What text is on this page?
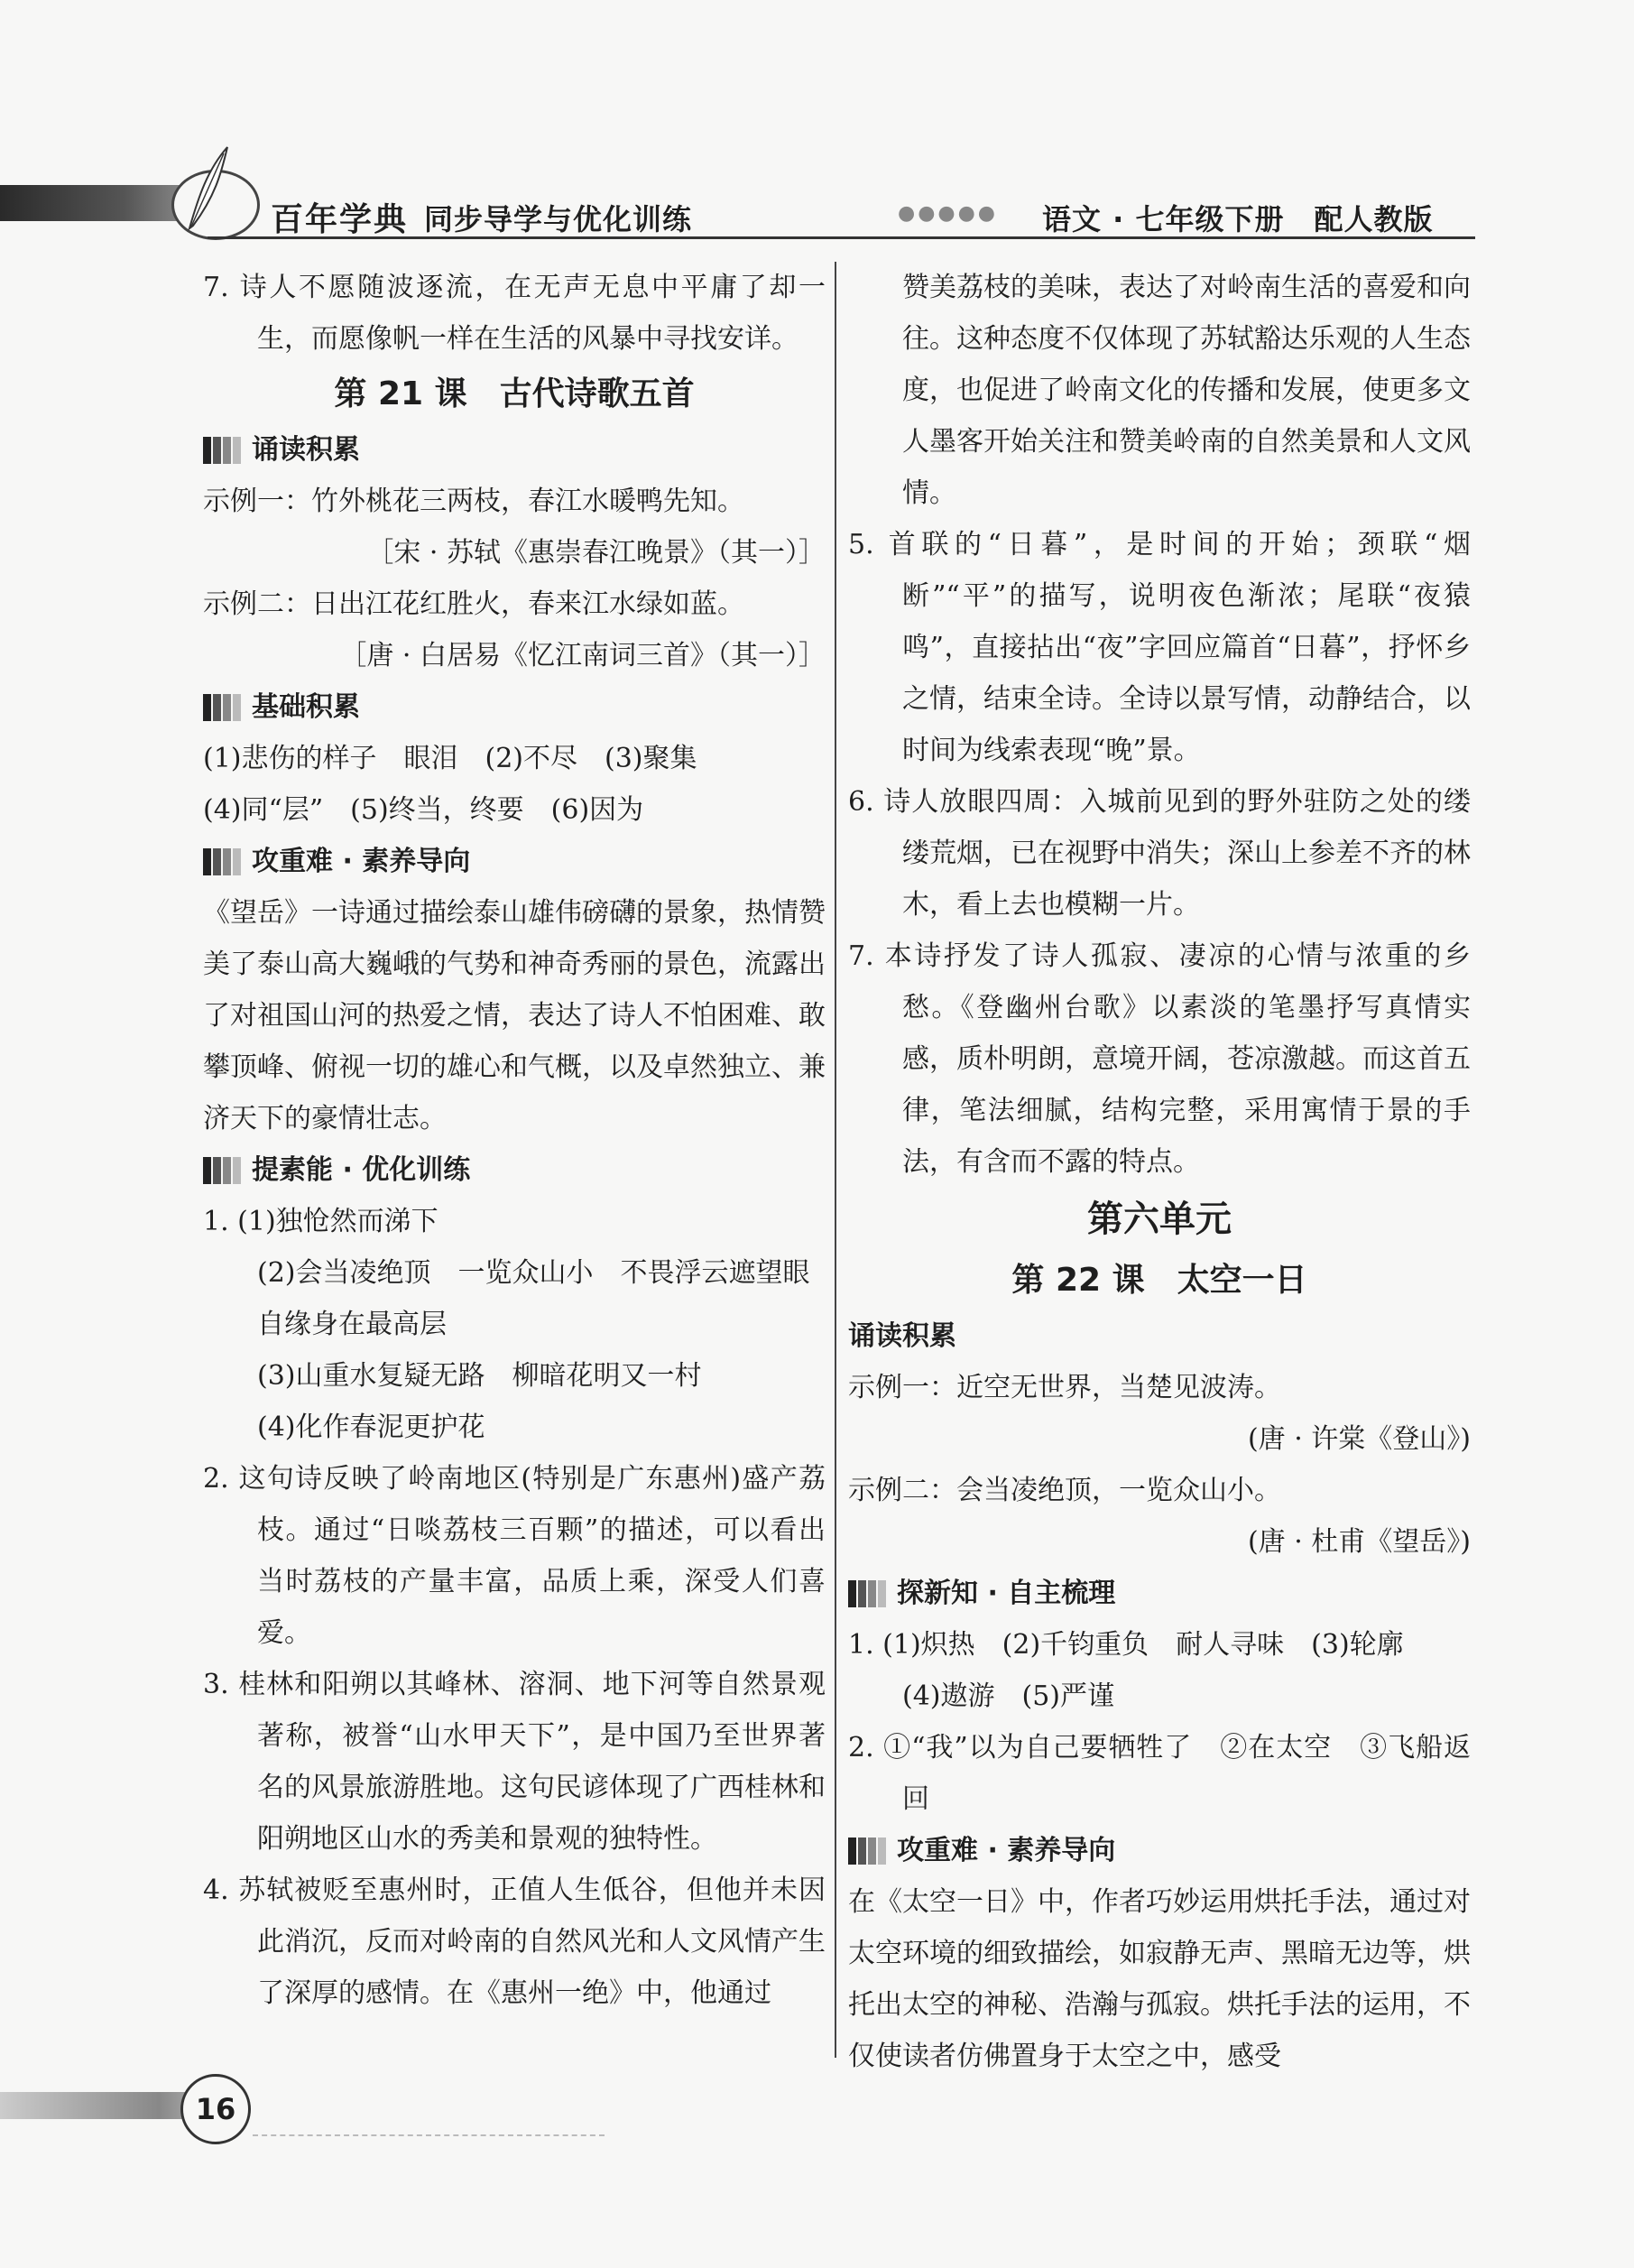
百年学典 同步导学与优化训练	●●●●● 语文 · 七年级下册　配人教版

7. 诗人不愿随波逐流，在无声无息中平庸了却一生，而愿像帆一样在生活的风暴中寻找安详。

第 21 课　古代诗歌五首
诵读积累

示例一：竹外桃花三两枝，春江水暖鸭先知。

［宋 · 苏轼《惠崇春江晚景》（其一）］

示例二：日出江花红胜火，春来江水绿如蓝。

［唐 · 白居易《忆江南词三首》（其一）］

基础积累

(1)悲伤的样子　眼泪　(2)不尽　(3)聚集

(4)同“层”　(5)终当，终要　(6)因为

攻重难 · 素养导向

《望岳》一诗通过描绘泰山雄伟磅礴的景象，热情赞美了泰山高大巍峨的气势和神奇秀丽的景色，流露出了对祖国山河的热爱之情，表达了诗人不怕困难、敢攀顶峰、俯视一切的雄心和气概，以及卓然独立、兼济天下的豪情壮志。

提素能 · 优化训练

1. (1)独怆然而涕下

(2)会当凌绝顶　一览众山小　不畏浮云遮望眼

自缘身在最高层

(3)山重水复疑无路　柳暗花明又一村

(4)化作春泥更护花

2. 这句诗反映了岭南地区(特别是广东惠州)盛产荔枝。通过“日啖荔枝三百颗”的描述，可以看出当时荔枝的产量丰富，品质上乘，深受人们喜爱。

3. 桂林和阳朔以其峰林、溶洞、地下河等自然景观著称，被誉“山水甲天下”，是中国乃至世界著名的风景旅游胜地。这句民谚体现了广西桂林和阳朔地区山水的秀美和景观的独特性。

4. 苏轼被贬至惠州时，正值人生低谷，但他并未因此消沉，反而对岭南的自然风光和人文风情产生了深厚的感情。在《惠州一绝》中，他通过

赞美荔枝的美味，表达了对岭南生活的喜爱和向往。这种态度不仅体现了苏轼豁达乐观的人生态度，也促进了岭南文化的传播和发展，使更多文人墨客开始关注和赞美岭南的自然美景和人文风情。

5. 首联的“日暮”，是时间的开始；颈联“烟断”“平”的描写，说明夜色渐浓；尾联“夜猿鸣”，直接拈出“夜”字回应篇首“日暮”，抒怀乡之情，结束全诗。全诗以景写情，动静结合，以时间为线索表现“晚”景。

6. 诗人放眼四周：入城前见到的野外驻防之处的缕缕荒烟，已在视野中消失；深山上参差不齐的林木，看上去也模糊一片。

7. 本诗抒发了诗人孤寂、凄凉的心情与浓重的乡愁。《登幽州台歌》以素淡的笔墨抒写真情实感，质朴明朗，意境开阔，苍凉激越。而这首五律，笔法细腻，结构完整，采用寓情于景的手法，有含而不露的特点。

第六单元
第 22 课　太空一日
诵读积累

示例一：近空无世界，当楚见波涛。

(唐 · 许棠《登山》)

示例二：会当凌绝顶，一览众山小。

(唐 · 杜甫《望岳》)

探新知 · 自主梳理

1. (1)炽热　(2)千钧重负　耐人寻味　(3)轮廓

(4)遨游　(5)严谨

2. ①“我”以为自己要牺牲了　②在太空　③飞船返回

攻重难 · 素养导向

在《太空一日》中，作者巧妙运用烘托手法，通过对太空环境的细致描绘，如寂静无声、黑暗无边等，烘托出太空的神秘、浩瀚与孤寂。烘托手法的运用，不仅使读者仿佛置身于太空之中，感受

16
